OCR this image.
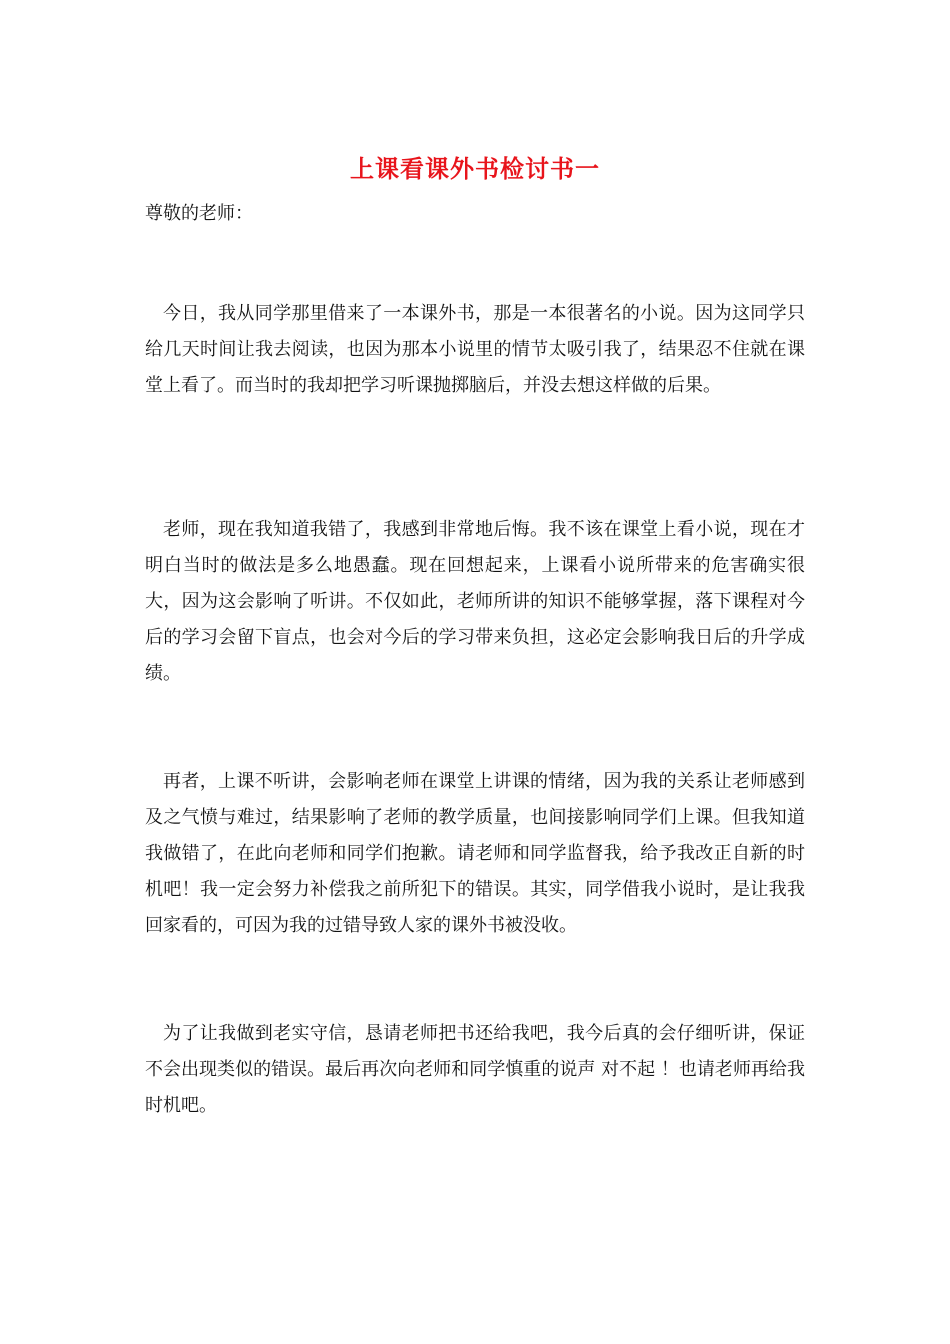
上课看课外书检讨书一
尊敬的老师：

今日，我从同学那里借来了一本课外书，那是一本很著名的小说。因为这同学只给几天时间让我去阅读，也因为那本小说里的情节太吸引我了，结果忍不住就在课堂上看了。而当时的我却把学习听课抛掷脑后，并没去想这样做的后果。

老师，现在我知道我错了，我感到非常地后悔。我不该在课堂上看小说，现在才明白当时的做法是多么地愚蠢。现在回想起来，上课看小说所带来的危害确实很大，因为这会影响了听讲。不仅如此，老师所讲的知识不能够掌握，落下课程对今后的学习会留下盲点，也会对今后的学习带来负担，这必定会影响我日后的升学成绩。

再者，上课不听讲，会影响老师在课堂上讲课的情绪，因为我的关系让老师感到及之气愤与难过，结果影响了老师的教学质量，也间接影响同学们上课。但我知道我做错了，在此向老师和同学们抱歉。请老师和同学监督我，给予我改正自新的时机吧！我一定会努力补偿我之前所犯下的错误。其实，同学借我小说时，是让我我回家看的，可因为我的过错导致人家的课外书被没收。

为了让我做到老实守信，恳请老师把书还给我吧，我今后真的会仔细听讲，保证不会出现类似的错误。最后再次向老师和同学慎重的说声 对不起 ！也请老师再给我时机吧。
